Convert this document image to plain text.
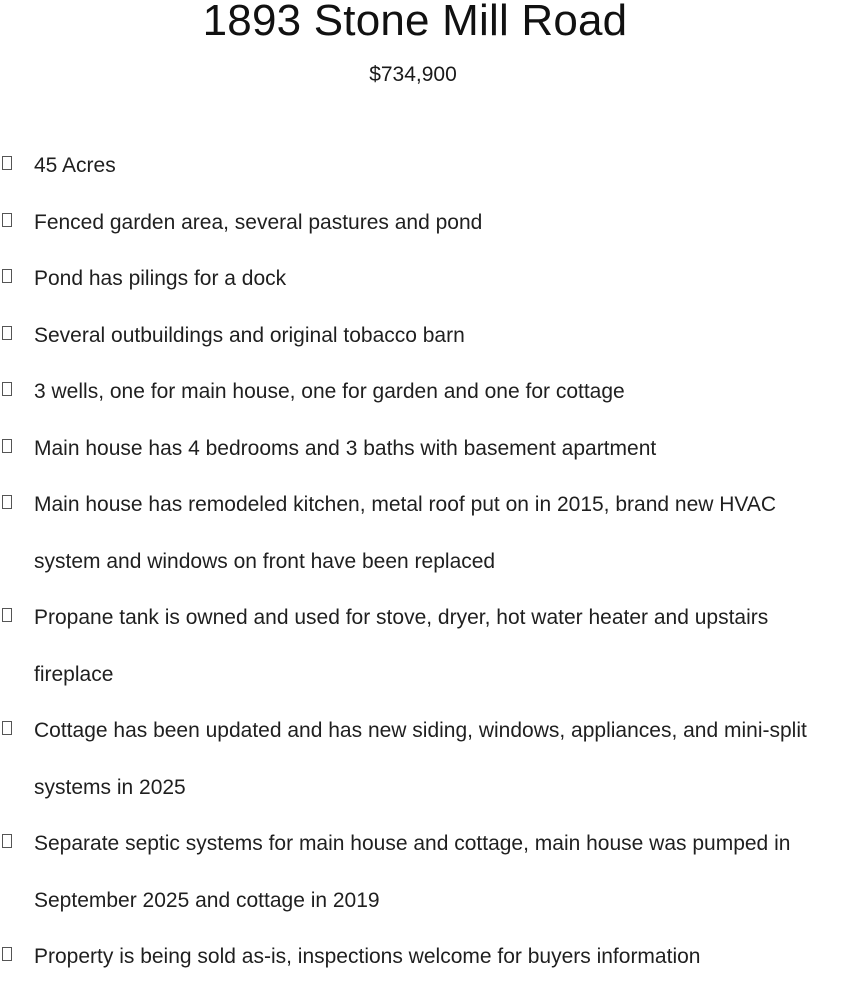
1893 Stone Mill Road
$734,900
45 Acres
Fenced garden area, several pastures and pond
Pond has pilings for a dock
Several outbuildings and original tobacco barn
3 wells, one for main house, one for garden and one for cottage
Main house has 4 bedrooms and 3 baths with basement apartment
Main house has remodeled kitchen, metal roof put on in 2015, brand new HVAC
system and windows on front have been replaced
Propane tank is owned and used for stove, dryer, hot water heater and upstairs
fireplace
Cottage has been updated and has new siding, windows, appliances, and mini-split
systems in 2025
Separate septic systems for main house and cottage, main house was pumped in
September 2025 and cottage in 2019
Property is being sold as-is, inspections welcome for buyers information
